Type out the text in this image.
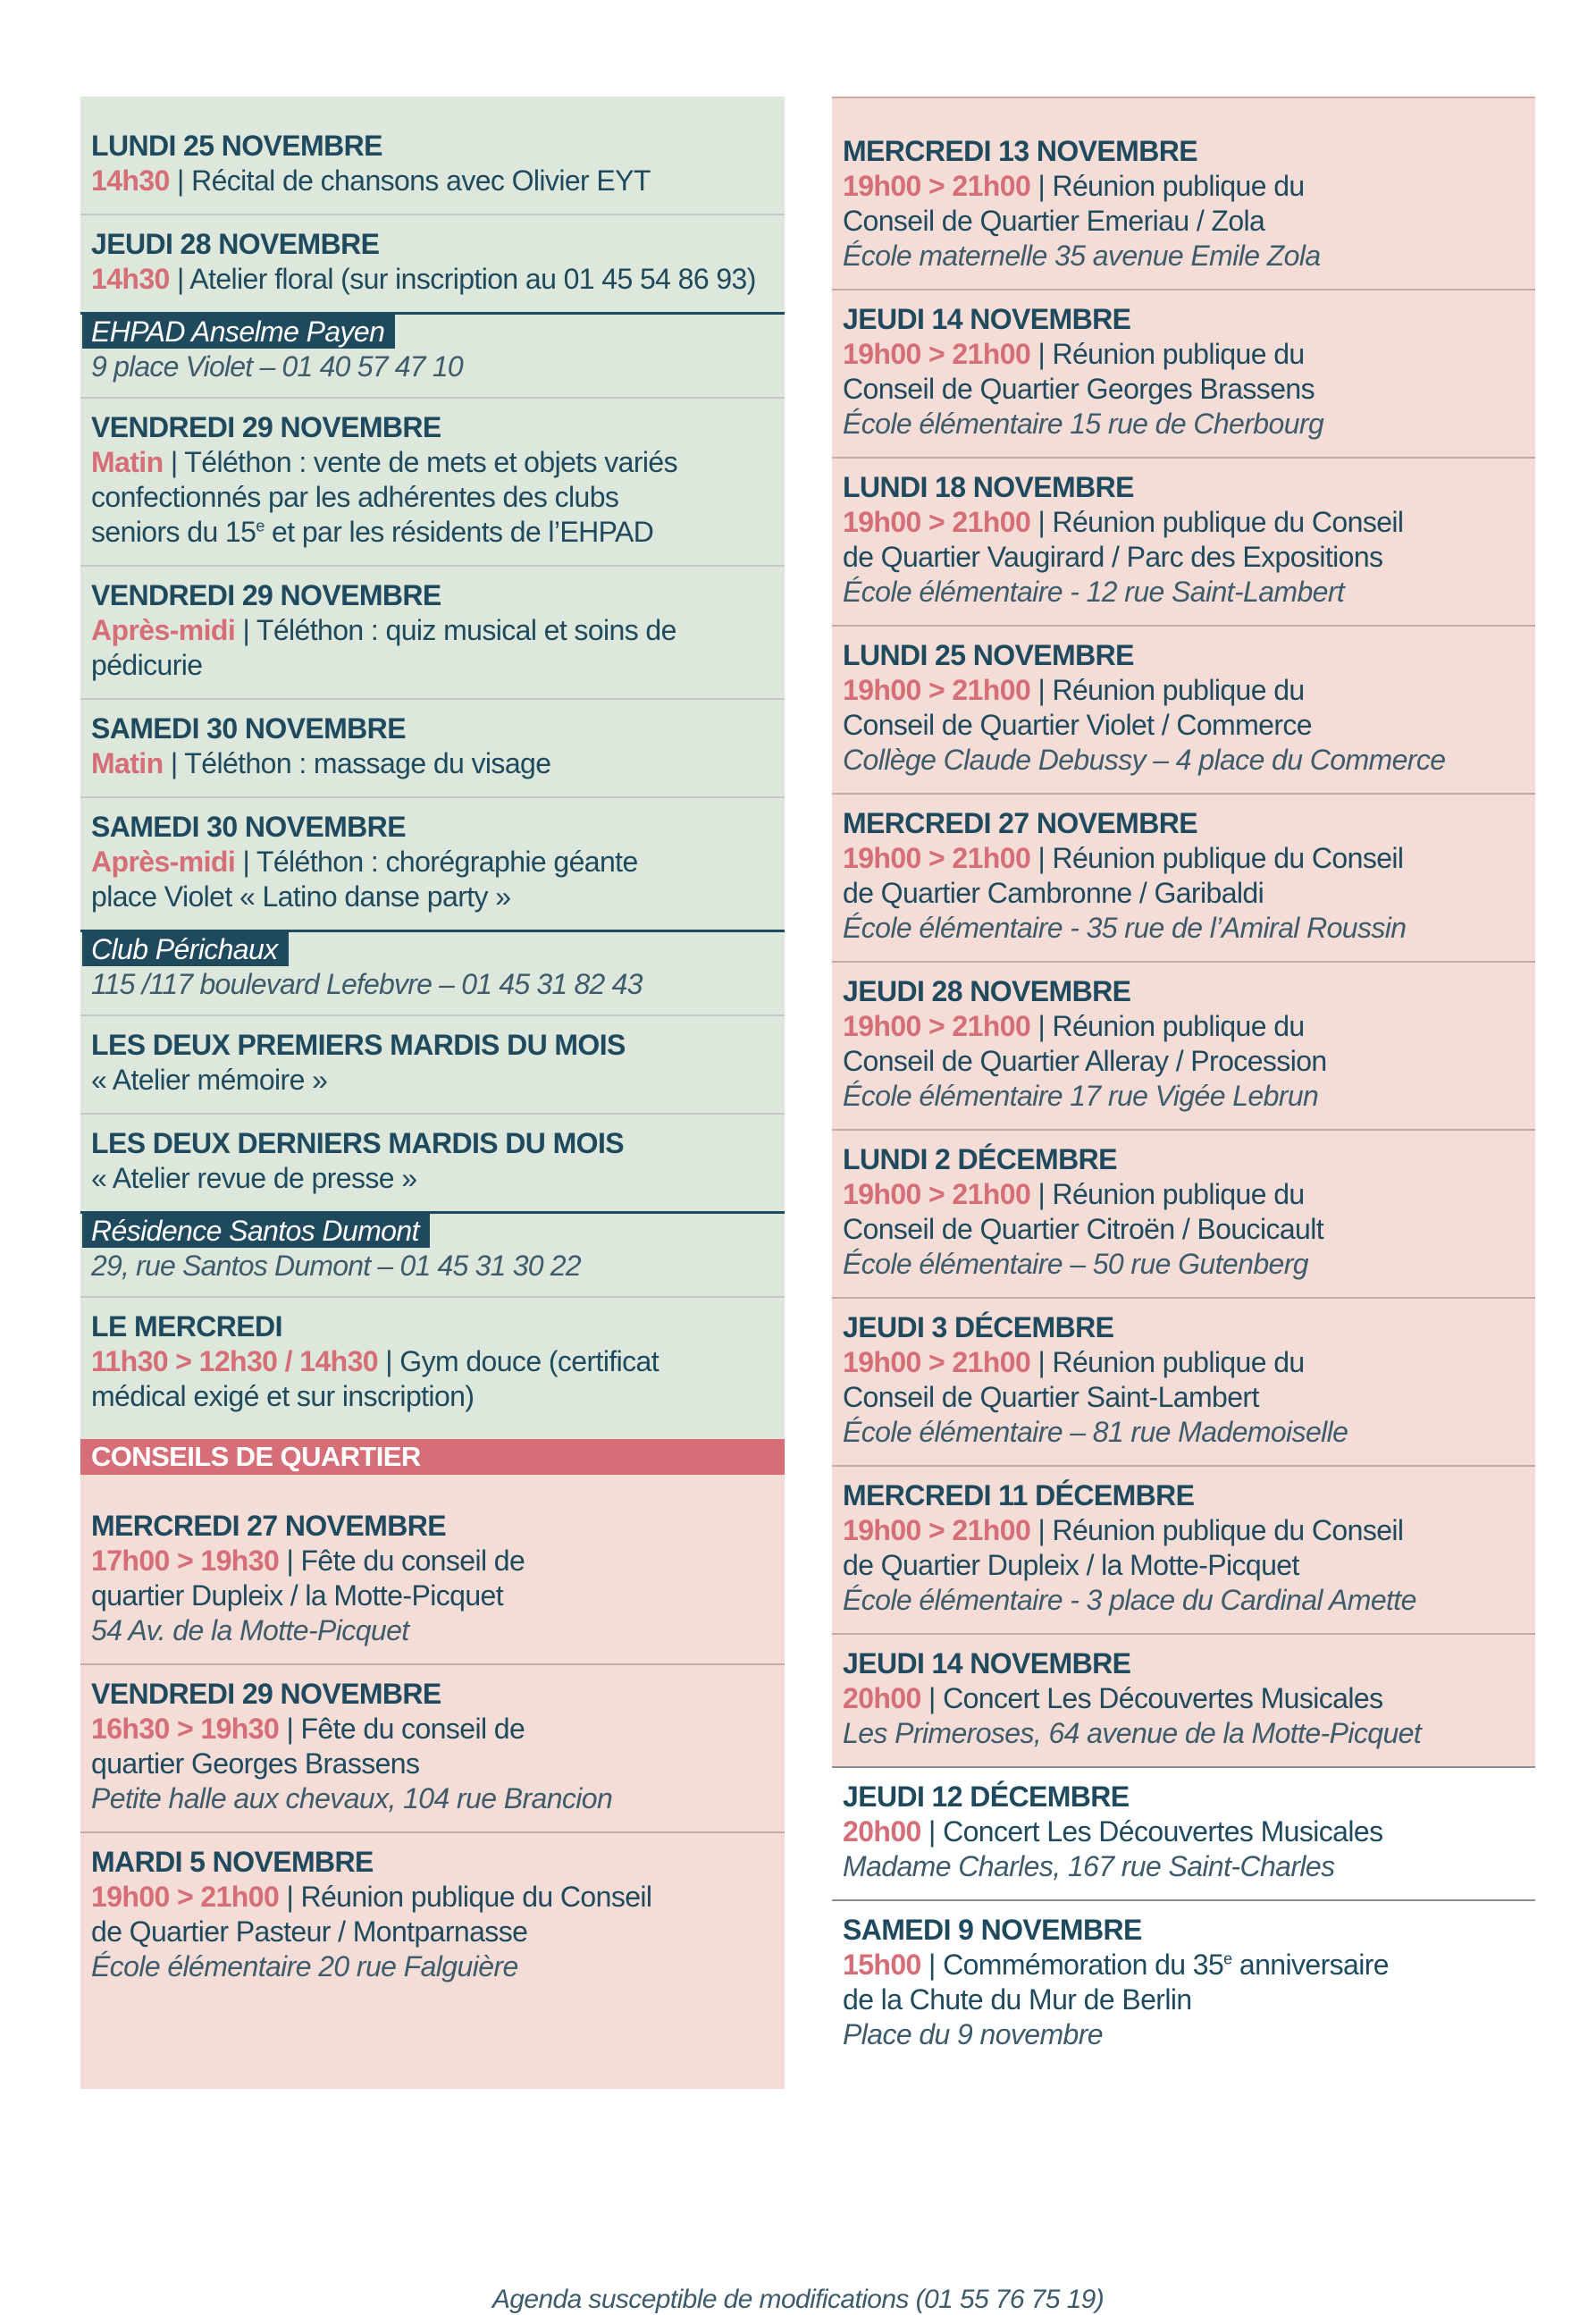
LUNDI 25 NOVEMBRE
14h30 | Récital de chansons avec Olivier EYT
JEUDI 28 NOVEMBRE
14h30 | Atelier floral (sur inscription au 01 45 54 86 93)
EHPAD Anselme Payen
9 place Violet – 01 40 57 47 10
VENDREDI 29 NOVEMBRE
Matin | Téléthon : vente de mets et objets variés
confectionnés par les adhérentes des clubs
seniors du 15e et par les résidents de l’EHPAD
VENDREDI 29 NOVEMBRE
Après-midi | Téléthon : quiz musical et soins de pédicurie
SAMEDI 30 NOVEMBRE
Matin | Téléthon : massage du visage
SAMEDI 30 NOVEMBRE
Après-midi | Téléthon : chorégraphie géante
place Violet « Latino danse party »
Club Périchaux
115 /117 boulevard Lefebvre – 01 45 31 82 43
LES DEUX PREMIERS MARDIS DU MOIS
« Atelier mémoire »
LES DEUX DERNIERS MARDIS DU MOIS
« Atelier revue de presse »
Résidence Santos Dumont
29, rue Santos Dumont – 01 45 31 30 22
LE MERCREDI
11h30 > 12h30 / 14h30 | Gym douce (certificat
médical exigé et sur inscription)
CONSEILS DE QUARTIER
MERCREDI 27 NOVEMBRE
17h00 > 19h30 | Fête du conseil de
quartier Dupleix / la Motte-Picquet
54 Av. de la Motte-Picquet
VENDREDI 29 NOVEMBRE
16h30 > 19h30 | Fête du conseil de
quartier Georges Brassens
Petite halle aux chevaux, 104 rue Brancion
MARDI 5 NOVEMBRE
19h00 > 21h00 | Réunion publique du Conseil
de Quartier Pasteur / Montparnasse
École élémentaire 20 rue Falguière
MERCREDI 13 NOVEMBRE
19h00 > 21h00 | Réunion publique du
Conseil de Quartier Emeriau / Zola
École maternelle 35 avenue Emile Zola
JEUDI 14 NOVEMBRE
19h00 > 21h00 | Réunion publique du
Conseil de Quartier Georges Brassens
École élémentaire 15 rue de Cherbourg
LUNDI 18 NOVEMBRE
19h00 > 21h00 | Réunion publique du Conseil
de Quartier Vaugirard / Parc des Expositions
École élémentaire - 12 rue Saint-Lambert
LUNDI 25 NOVEMBRE
19h00 > 21h00 | Réunion publique du
Conseil de Quartier Violet / Commerce
Collège Claude Debussy – 4 place du Commerce
MERCREDI 27 NOVEMBRE
19h00 > 21h00 | Réunion publique du Conseil
de Quartier Cambronne / Garibaldi
École élémentaire - 35 rue de l’Amiral Roussin
JEUDI 28 NOVEMBRE
19h00 > 21h00 | Réunion publique du
Conseil de Quartier Alleray / Procession
École élémentaire 17 rue Vigée Lebrun
LUNDI 2 DÉCEMBRE
19h00 > 21h00 | Réunion publique du
Conseil de Quartier Citroën / Boucicault
École élémentaire – 50 rue Gutenberg
JEUDI 3 DÉCEMBRE
19h00 > 21h00 | Réunion publique du
Conseil de Quartier Saint-Lambert
École élémentaire – 81 rue Mademoiselle
MERCREDI 11 DÉCEMBRE
19h00 > 21h00 | Réunion publique du Conseil
de Quartier Dupleix / la Motte-Picquet
École élémentaire - 3 place du Cardinal Amette
JEUDI 14 NOVEMBRE
20h00 | Concert Les Découvertes Musicales
Les Primeroses, 64 avenue de la Motte-Picquet
JEUDI 12 DÉCEMBRE
20h00 | Concert Les Découvertes Musicales
Madame Charles, 167 rue Saint-Charles
SAMEDI 9 NOVEMBRE
15h00 | Commémoration du 35e anniversaire
de la Chute du Mur de Berlin
Place du 9 novembre
Agenda susceptible de modifications (01 55 76 75 19)
